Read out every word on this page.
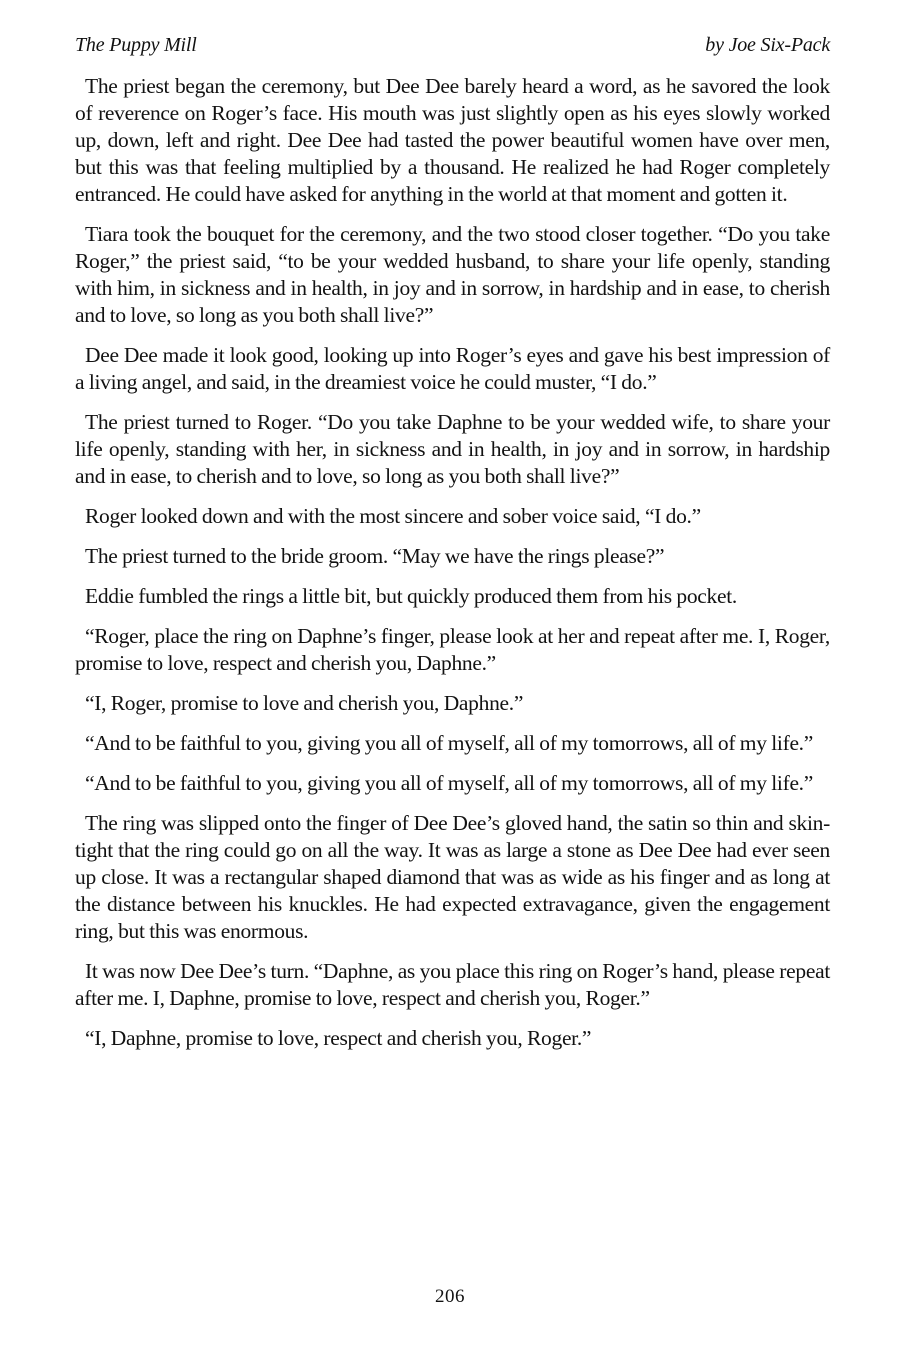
The Puppy Mill	by Joe Six-Pack

The priest began the ceremony, but Dee Dee barely heard a word, as he savored the look of reverence on Roger’s face. His mouth was just slightly open as his eyes slowly worked up, down, left and right. Dee Dee had tasted the power beautiful women have over men, but this was that feeling multiplied by a thousand. He realized he had Roger completely entranced. He could have asked for anything in the world at that moment and gotten it.

Tiara took the bouquet for the ceremony, and the two stood closer together. “Do you take Roger,” the priest said, “to be your wedded husband, to share your life openly, standing with him, in sickness and in health, in joy and in sorrow, in hardship and in ease, to cherish and to love, so long as you both shall live?”

Dee Dee made it look good, looking up into Roger’s eyes and gave his best impression of a living angel, and said, in the dreamiest voice he could muster, “I do.”

The priest turned to Roger. “Do you take Daphne to be your wedded wife, to share your life openly, standing with her, in sickness and in health, in joy and in sorrow, in hardship and in ease, to cherish and to love, so long as you both shall live?”

Roger looked down and with the most sincere and sober voice said, “I do.”

The priest turned to the bride groom. “May we have the rings please?”

Eddie fumbled the rings a little bit, but quickly produced them from his pocket.

“Roger, place the ring on Daphne’s finger, please look at her and repeat after me. I, Roger, promise to love, respect and cherish you, Daphne.”

“I, Roger, promise to love and cherish you, Daphne.”

“And to be faithful to you, giving you all of myself, all of my tomorrows, all of my life.”

“And to be faithful to you, giving you all of myself, all of my tomorrows, all of my life.”

The ring was slipped onto the finger of Dee Dee’s gloved hand, the satin so thin and skin-tight that the ring could go on all the way. It was as large a stone as Dee Dee had ever seen up close. It was a rectangular shaped diamond that was as wide as his finger and as long at the distance between his knuckles. He had expected extravagance, given the engagement ring, but this was enormous.

It was now Dee Dee’s turn. “Daphne, as you place this ring on Roger’s hand, please repeat after me. I, Daphne, promise to love, respect and cherish you, Roger.”

“I, Daphne, promise to love, respect and cherish you, Roger.”

206
